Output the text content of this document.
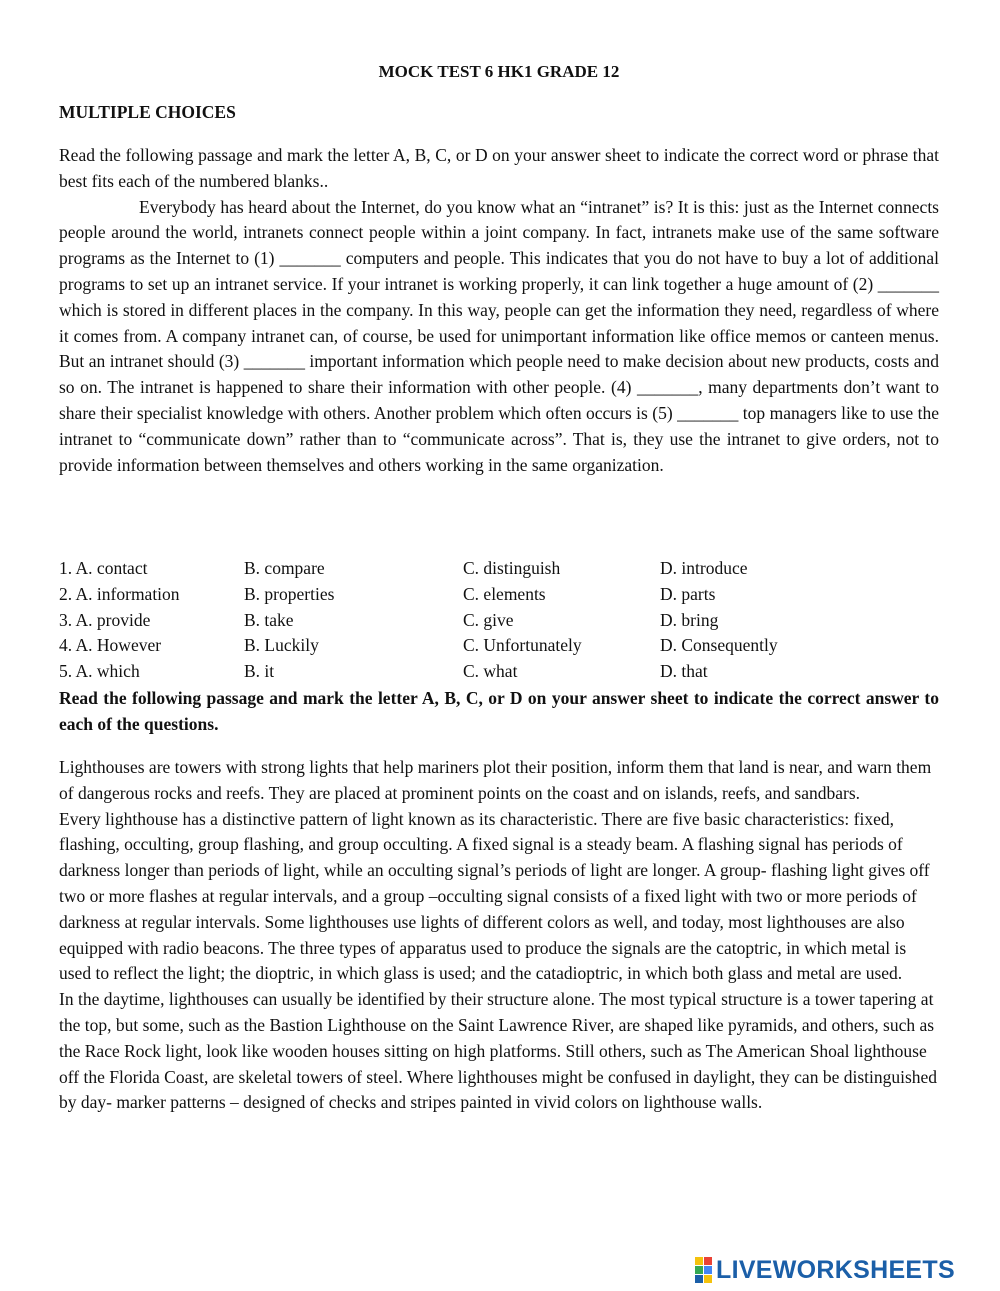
MOCK TEST 6 HK1 GRADE 12
MULTIPLE CHOICES

Read the following passage and mark the letter A, B, C, or D on your answer sheet to indicate the correct word or phrase that best fits each of the numbered blanks..

Everybody has heard about the Internet, do you know what an “intranet” is? It is this: just as the Internet connects people around the world, intranets connect people within a joint company. In fact, intranets make use of the same software programs as the Internet to (1) _______ computers and people. This indicates that you do not have to buy a lot of additional programs to set up an intranet service. If your intranet is working properly, it can link together a huge amount of (2) _______ which is stored in different places in the company. In this way, people can get the information they need, regardless of where it comes from. A company intranet can, of course, be used for unimportant information like office memos or canteen menus. But an intranet should (3) _______ important information which people need to make decision about new products, costs and so on. The intranet is happened to share their information with other people. (4) _______, many departments don’t want to share their specialist knowledge with others. Another problem which often occurs is (5) _______ top managers like to use the intranet to “communicate down” rather than to “communicate across”. That is, they use the intranet to give orders, not to provide information between themselves and others working in the same organization.

1. A. contact	B. compare	C. distinguish	D. introduce
2. A. information	B. properties	C. elements	D. parts
3. A. provide	B. take	C. give	D. bring
4. A. However	B. Luckily	C. Unfortunately	D. Consequently
5. A. which	B. it	C. what	D. that

Read the following passage and mark the letter A, B, C, or D on your answer sheet to indicate the correct answer to each of the questions.

Lighthouses are towers with strong lights that help mariners plot their position, inform them that land is near, and warn them of dangerous rocks and reefs. They are placed at prominent points on the coast and on islands, reefs, and sandbars.

Every lighthouse has a distinctive pattern of light known as its characteristic. There are five basic characteristics: fixed, flashing, occulting, group flashing, and group occulting. A fixed signal is a steady beam. A flashing signal has periods of darkness longer than periods of light, while an occulting signal’s periods of light are longer. A group- flashing light gives off two or more flashes at regular intervals, and a group –occulting signal consists of a fixed light with two or more periods of darkness at regular intervals. Some lighthouses use lights of different colors as well, and today, most lighthouses are also equipped with radio beacons. The three types of apparatus used to produce the signals are the catoptric, in which metal is used to reflect the light; the dioptric, in which glass is used; and the catadioptric, in which both glass and metal are used.

In the daytime, lighthouses can usually be identified by their structure alone. The most typical structure is a tower tapering at the top, but some, such as the Bastion Lighthouse on the Saint Lawrence River, are shaped like pyramids, and others, such as the Race Rock light, look like wooden houses sitting on high platforms. Still others, such as The American Shoal lighthouse off the Florida Coast, are skeletal towers of steel. Where lighthouses might be confused in daylight, they can be distinguished by day- marker patterns – designed of checks and stripes painted in vivid colors on lighthouse walls.

LIVEWORKSHEETS
